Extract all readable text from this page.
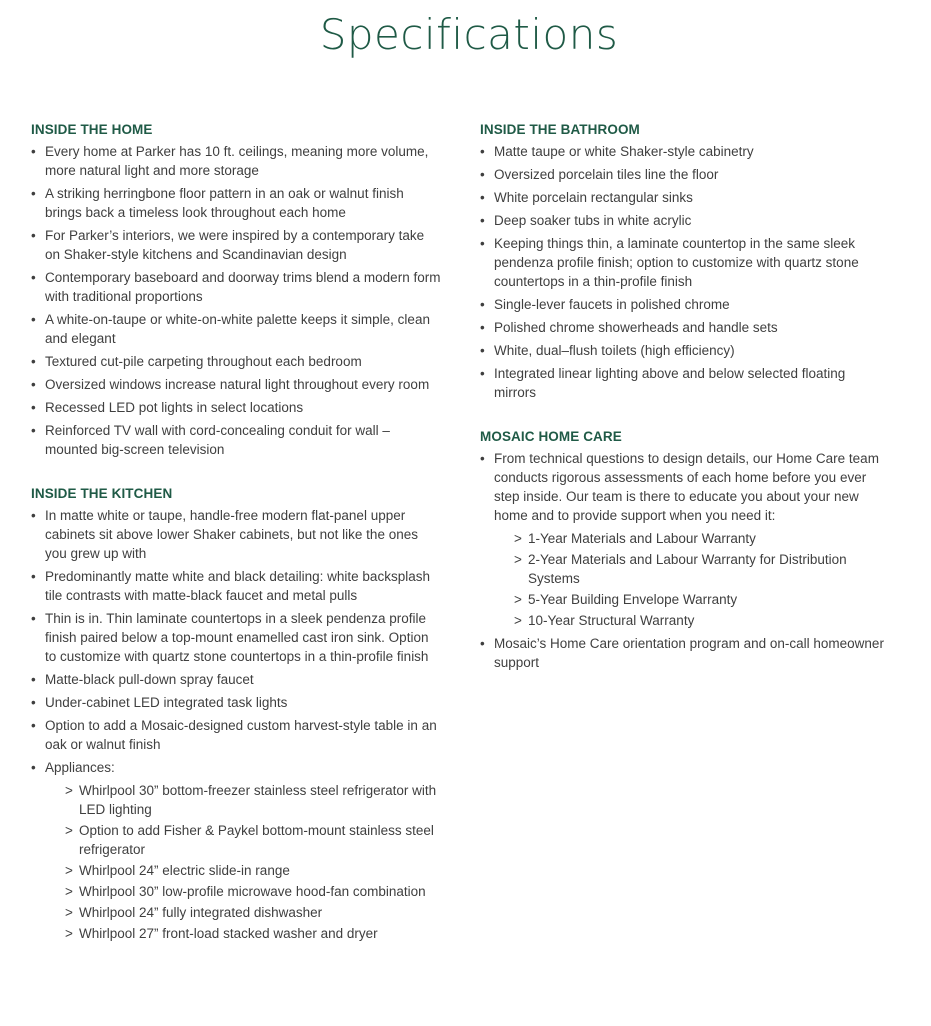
Specifications
INSIDE THE HOME
• Every home at Parker has 10 ft. ceilings, meaning more volume, more natural light and more storage
• A striking herringbone floor pattern in an oak or walnut finish brings back a timeless look throughout each home
• For Parker’s interiors, we were inspired by a contemporary take on Shaker-style kitchens and Scandinavian design
• Contemporary baseboard and doorway trims blend a modern form with traditional proportions
• A white-on-taupe or white-on-white palette keeps it simple, clean and elegant
• Textured cut-pile carpeting throughout each bedroom
• Oversized windows increase natural light throughout every room
• Recessed LED pot lights in select locations
• Reinforced TV wall with cord-concealing conduit for wall –mounted big-screen television
INSIDE THE KITCHEN
• In matte white or taupe, handle-free modern flat-panel upper cabinets sit above lower Shaker cabinets, but not like the ones you grew up with
• Predominantly matte white and black detailing: white backsplash tile contrasts with matte-black faucet and metal pulls
• Thin is in. Thin laminate countertops in a sleek pendenza profile finish paired below a top-mount enamelled cast iron sink. Option to customize with quartz stone countertops in a thin-profile finish
• Matte-black pull-down spray faucet
• Under-cabinet LED integrated task lights
• Option to add a Mosaic-designed custom harvest-style table in an oak or walnut finish
• Appliances:
> Whirlpool 30” bottom-freezer stainless steel refrigerator with LED lighting
> Option to add Fisher & Paykel bottom-mount stainless steel refrigerator
> Whirlpool 24” electric slide-in range
> Whirlpool 30” low-profile microwave hood-fan combination
> Whirlpool 24” fully integrated dishwasher
> Whirlpool 27” front-load stacked washer and dryer
INSIDE THE BATHROOM
• Matte taupe or white Shaker-style cabinetry
• Oversized porcelain tiles line the floor
• White porcelain rectangular sinks
• Deep soaker tubs in white acrylic
• Keeping things thin, a laminate countertop in the same sleek pendenza profile finish; option to customize with quartz stone countertops in a thin-profile finish
• Single-lever faucets in polished chrome
• Polished chrome showerheads and handle sets
• White, dual–flush toilets (high efficiency)
• Integrated linear lighting above and below selected floating mirrors
MOSAIC HOME CARE
• From technical questions to design details, our Home Care team conducts rigorous assessments of each home before you ever step inside. Our team is there to educate you about your new home and to provide support when you need it:
> 1-Year Materials and Labour Warranty
> 2-Year Materials and Labour Warranty for Distribution Systems
> 5-Year Building Envelope Warranty
> 10-Year Structural Warranty
• Mosaic’s Home Care orientation program and on-call homeowner support
